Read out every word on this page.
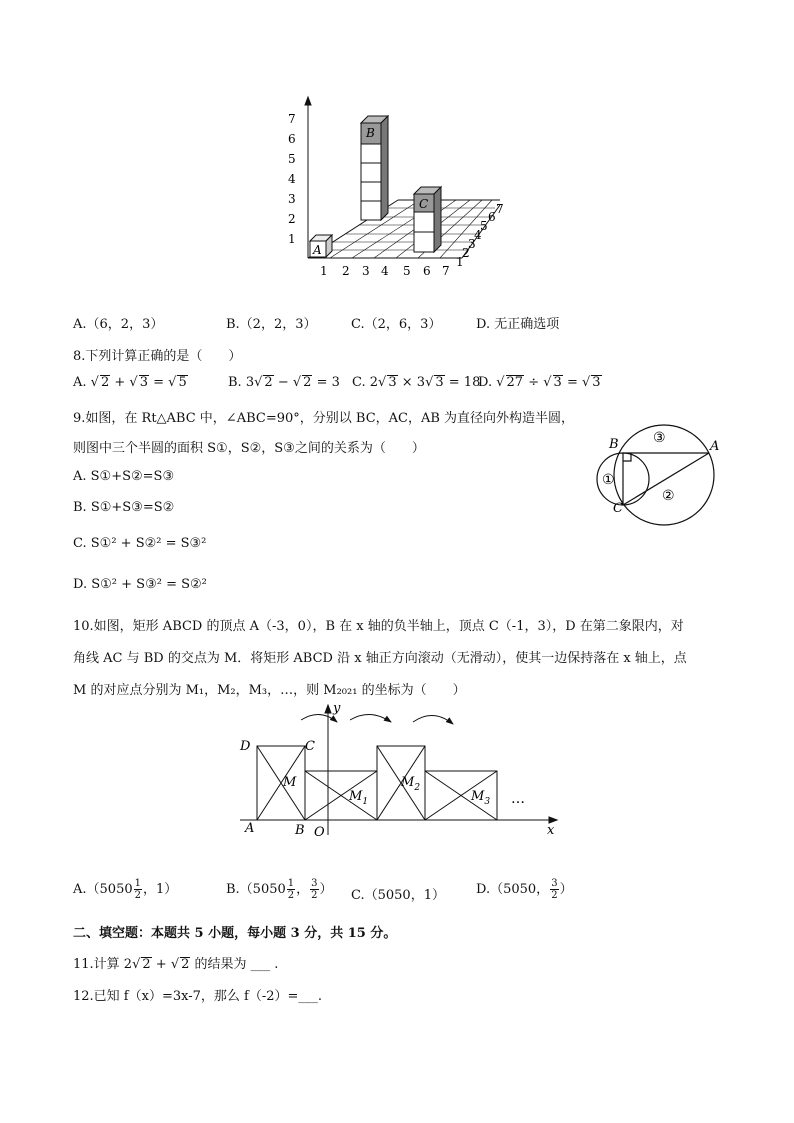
A
B
C
1
2
3
4
5
6
7
1 2 3 4 5 6 7
1
2
3
4
5
6
7
A.（6，2，3）	B.（2，2，3）	C.（2，6，3）	D. 无正确选项
8.下列计算正确的是（　　）
A. √ 2 + √ 3 = √ 5	B. 3√ 2 − √ 2 = 3 C. 2√ 3 × 3√ 3 = 18
D. √ 27 ÷ √ 3 = √ 3
9.如图，在 Rt△ABC 中，∠ABC=90°，分别以 BC，AC，AB 为直径向外构造半圆，
则图中三个半圆的面积 S①，S②，S③之间的关系为（　　）
A. S①+S②=S③
B. S①+S③=S②
C. S①² + S②² = S③²
D. S①² + S③² = S②²
B	A
C
①
②
③
10.如图，矩形 ABCD 的顶点 A（-3，0），B 在 x 轴的负半轴上，顶点 C（-1，3），D 在第二象限内，对
角线 AC 与 BD 的交点为 M．将矩形 ABCD 沿 x 轴正方向滚动（无滑动），使其一边保持落在 x 轴上，点
M 的对应点分别为 M₁，M₂，M₃，…，则 M₂₀₂₁ 的坐标为（　　）
D	C
A	B O	x
y
M
$M_1$
$M_2$
$M_3$ …
$A.(5050 \frac{1}{2}$ ，1）	$B.(5050 \frac{1}{2}$ ， $\frac{3}{2}$ ） C.（5050，1） D.（5050， $\frac{3}{2}$ ）
二、填空题：本题共 5 小题，每小题 3 分，共 15 分。
11.计算 2√ 2 + √ 2 的结果为 ___ .
12.已知 f（x）=3x-7，那么 f（-2）=___.
